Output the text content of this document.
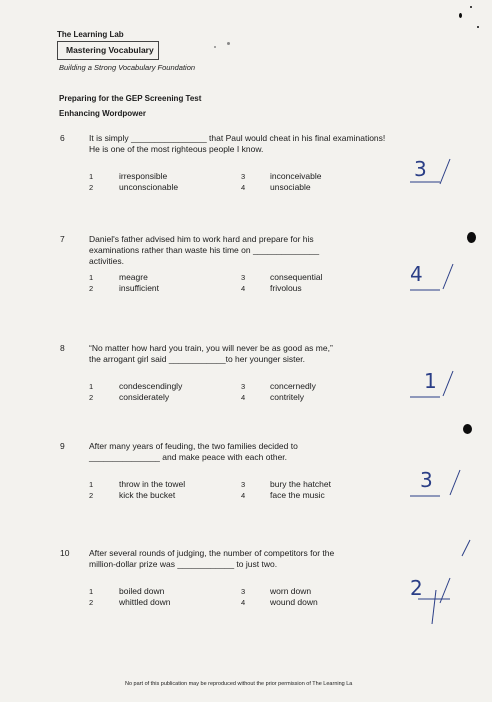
The Learning Lab
Mastering Vocabulary
Building a Strong Vocabulary Foundation
Preparing for the GEP Screening Test
Enhancing Wordpower
6	It is simply ________________ that Paul would cheat in his final examinations!
He is one of the most righteous people I know.
1	irresponsible
2	unconscionable
3	inconceivable
4	unsociable
7	Daniel's father advised him to work hard and prepare for his
examinations rather than waste his time on ______________
activities.
1	meagre
2	insufficient
3	consequential
4	frivolous
8	“No matter how hard you train, you will never be as good as me,”
the arrogant girl said ____________to her younger sister.
1	condescendingly
2	considerately
3	concernedly
4	contritely
9	After many years of feuding, the two families decided to
_______________ and make peace with each other.
1	throw in the towel
2	kick the bucket
3	bury the hatchet
4	face the music
10 After several rounds of judging, the number of competitors for the
million-dollar prize was ____________ to just two.
1	boiled down
2	whittled down
3	worn down
4	wound down
No part of this publication may be reproduced without the prior permission of The Learning La
3
4
1
3
2
